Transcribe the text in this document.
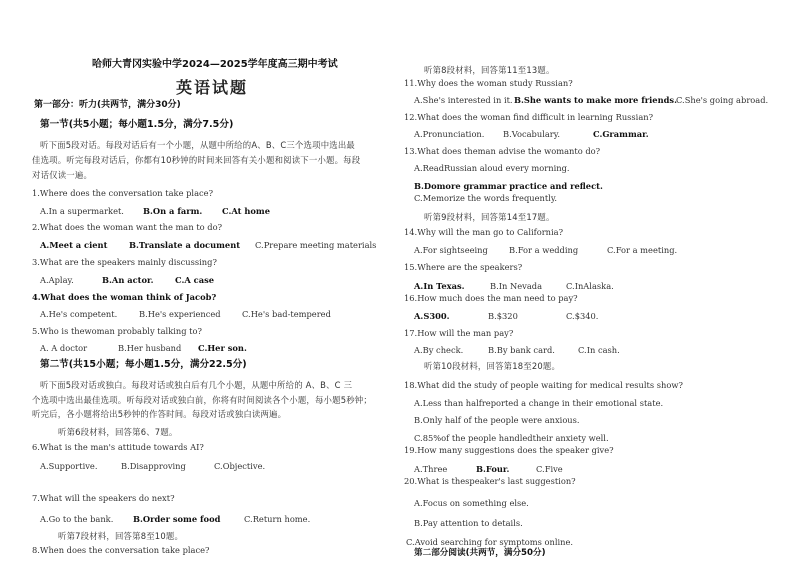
哈师大青冈实验中学2024—2025学年度高三期中考试
英语试题
第一部分：听力(共两节，满分30分)
第一节(共5小题；每小题1.5分，满分7.5分)
听下面5段对话。每段对话后有一个小题，从题中所给的A、B、C三个选项中选出最
佳选项。听完每段对话后，你都有10秒钟的时间来回答有关小题和阅读下一小题。每段
对话仅读一遍。
1.Where does the conversation take place?
A.In a supermarket. B.On a farm. C.At home
2.What does the woman want the man to do?
A.Meet a cient	B.Translate a document C.Prepare meeting materials
3.What are the speakers mainly discussing?
A.Aplay.	B.An actor.	C.A case
4.What does the woman think of Jacob?
A.He's competent.	B.He's experienced	C.He's bad-tempered
5.Who is thewoman probably talking to?
A. A doctor	B.Her husband C.Her son.
第二节(共15小题；每小题1.5分，满分22.5分)
听下面5段对话或独白。每段对话或独白后有几个小题，从题中所给的 A、B、C 三
个选项中选出最佳选项。听每段对话或独白前，你将有时间阅读各个小题，每小题5秒钟；
听完后，各小题将给出5秒钟的作答时间。每段对话或独白读两遍。
听第6段材料，回答第6、7题。
6.What is the man's attitude towards AI?
A.Supportive.	B.Disapproving	C.Objective.
7.What will the speakers do next?
A.Go to the bank. B.Order some food	C.Return home.
听第7段材料，回答第8至10题。
8.When does the conversation take place?
听第8段材料，回答第11至13题。
11.Why does the woman study Russian?
A.She's interested in it. B.She wants to make more friends. C.She's going abroad.
12.What does the woman find difficult in learning Russian?
A.Pronunciation. B.Vocabulary.	C.Grammar.
13.What does theman advise the womanto do?
A.ReadRussian aloud every morning.
B.Domore grammar practice and reflect.
C.Memorize the words frequently.
听第9段材料，回答第14至17题。
14.Why will the man go to California?
A.For sightseeing	B.For a wedding	C.For a meeting.
15.Where are the speakers?
A.In Texas.	B.In Nevada	C.InAlaska.
16.How much does the man need to pay?
A.S300.	B.$320	C.$340.
17.How will the man pay?
A.By check.	B.By bank card.	C.In cash.
听第10段材料，回答第18至20题。
18.What did the study of people waiting for medical results show?
A.Less than halfreported a change in their emotional state.
B.Only half of the people were anxious.
C.85%of the people handledtheir anxiety well.
19.How many suggestions does the speaker give?
A.Three	B.Four.	C.Five
20.What is thespeaker's last suggestion?
A.Focus on something else.
B.Pay attention to details.
C.Avoid searching for symptoms online.
第二部分阅读(共两节，满分50分)
